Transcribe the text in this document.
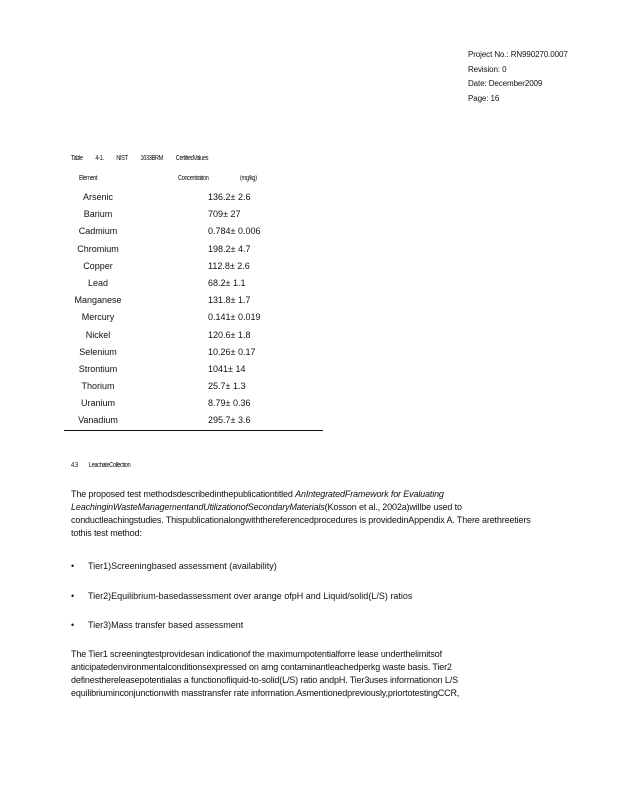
Project No.: RN990270.0007
Revision: 0
Date: December2009
Page: 16
Table 4-1. NIST 1633BRM CertifiedValues
Element	Concentration	(mg/kg)
Arsenic	136.2± 2.6
Barium	709± 27
Cadmium	0.784± 0.006
Chromium	198.2± 4.7
Copper	112.8± 2.6
Lead	68.2± 1.1
Manganese	131.8± 1.7
Mercury	0.141± 0.019
Nickel	120.6± 1.8
Selenium	10.26± 0.17
Strontium	1041± 14
Thorium	25.7± 1.3
Uranium	8.79± 0.36
Vanadium	295.7± 3.6
4.3 LeachateCollection
The proposed test methodsdescribedinthepublicationtitled AnIntegratedFramework for Evaluating LeachinginWasteManagementandUtilizationofSecondaryMaterials(Kosson et al., 2002a)willbe used to conductleachingstudies. Thispublicationalongwiththereferencedprocedures is providedinAppendix A. There arethreetiers tothis test method:
• Tier1)Screeningbased assessment (availability)
• Tier2)Equilibrium-basedassessment over arange ofpH and Liquid/solid(L/S) ratios
• Tier3)Mass transfer based assessment
The Tier1 screeningtestprovidesan indicationof the maximumpotentialforre lease underthelimitsof anticipatedenvironmentalconditionsexpressed on amg contaminantleachedperkg waste basis. Tier2 definesthereleasepotentialas a functionofliquid-to-solid(L/S) ratio andpH. Tier3uses informationon L/S equilibriuminconjunctionwith masstransfer rate information.Asmentionedpreviously,priortotestingCCR,
